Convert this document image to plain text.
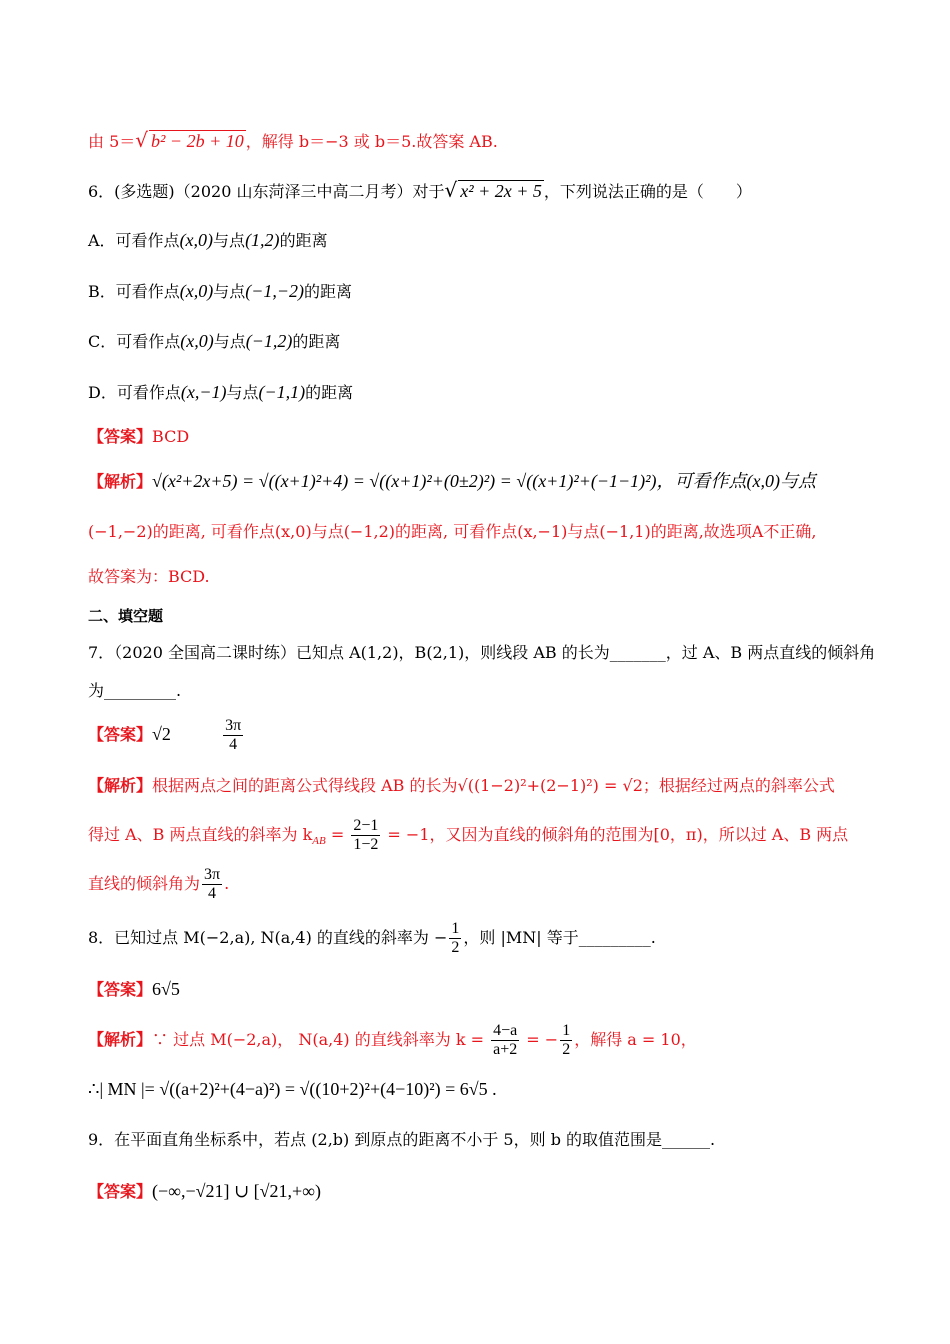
由 5＝√ b² − 2b + 10 ，解得 b＝−3 或 b＝5.故答案 AB.
6．(多选题)（2020 山东菏泽三中高二月考）对于√ x² + 2x + 5 ，下列说法正确的是（　　）
A．可看作点(x,0)与点(1,2)的距离
B．可看作点(x,0)与点(−1,−2)的距离
C．可看作点(x,0)与点(−1,2)的距离
D．可看作点(x,−1)与点(−1,1)的距离
【答案】BCD
【解析】√(x²+2x+5) = √((x+1)²+4) = √((x+1)²+(0±2)²) = √((x+1)²+(−1−1)²)，可看作点(x,0)与点
(−1,−2)的距离, 可看作点(x,0)与点(−1,2)的距离, 可看作点(x,−1)与点(−1,1)的距离,故选项A不正确,
故答案为：BCD.
二、填空题
7．（2020 全国高二课时练）已知点 A(1,2)，B(2,1)，则线段 AB 的长为_______，过 A、B 两点直线的倾斜角
为_________.
【答案】√2	$\frac{3\pi}{4}$
【解析】根据两点之间的距离公式得线段 AB 的长为√((1−2)²+(2−1)²) = √2；根据经过两点的斜率公式
得过 A、B 两点直线的斜率为 $k_{AB} = \frac{2-1}{1-2} = -1$，又因为直线的倾斜角的范围为[0，π)，所以过 A、B 两点
直线的倾斜角为 $\frac{3\pi}{4}$ .
8．已知过点 M(−2,a), N(a,4) 的直线的斜率为 − $\frac{1}{2}$ ，则 |MN| 等于_________.
【答案】6√5
【解析】∵ 过点 M(−2,a)， N(a,4) 的直线斜率为 $k = \frac{4-a}{a+2}$ = − $\frac{1}{2}$ ，解得 a = 10，
∴| MN |= √((a+2)²+(4−a)²) = √((10+2)²+(4−10)²) = 6√5 .
9．在平面直角坐标系中，若点 (2,b) 到原点的距离不小于 5，则 b 的取值范围是______.
【答案】(−∞,−√21] ∪ [√21,+∞)
